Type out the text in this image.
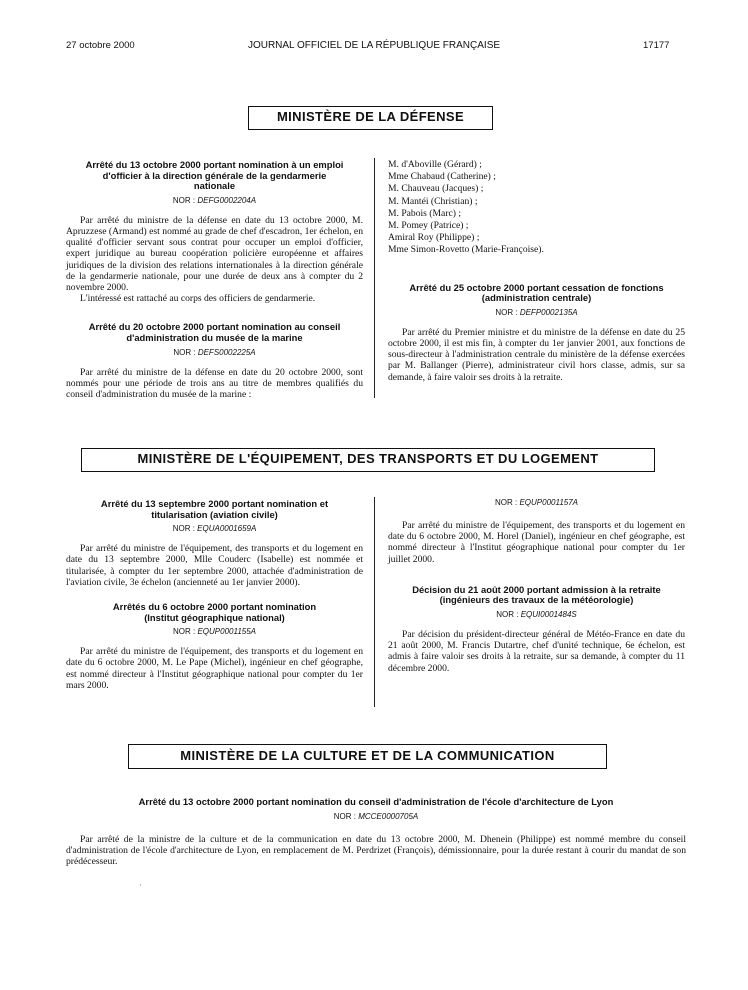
27 octobre 2000	JOURNAL OFFICIEL DE LA RÉPUBLIQUE FRANÇAISE	17177
MINISTÈRE DE LA DÉFENSE
Arrêté du 13 octobre 2000 portant nomination à un emploi d'officier à la direction générale de la gendarmerie nationale
NOR : DEFG0002204A

Par arrêté du ministre de la défense en date du 13 octobre 2000, M. Apruzzese (Armand) est nommé au grade de chef d'escadron, 1er échelon, en qualité d'officier servant sous contrat pour occuper un emploi d'officier, expert juridique au bureau coopération policière européenne et affaires juridiques de la division des relations internationales à la direction générale de la gendarmerie nationale, pour une durée de deux ans à compter du 2 novembre 2000.

L'intéressé est rattaché au corps des officiers de gendarmerie.

Arrêté du 20 octobre 2000 portant nomination au conseil d'administration du musée de la marine
NOR : DEFS0002225A

Par arrêté du ministre de la défense en date du 20 octobre 2000, sont nommés pour une période de trois ans au titre de membres qualifiés du conseil d'administration du musée de la marine :

M. d'Aboville (Gérard) ;
Mme Chabaud (Catherine) ;
M. Chauveau (Jacques) ;
M. Mantéi (Christian) ;
M. Pabois (Marc) ;
M. Pomey (Patrice) ;
Amiral Roy (Philippe) ;
Mme Simon-Rovetto (Marie-Françoise).
Arrêté du 25 octobre 2000 portant cessation de fonctions (administration centrale)
NOR : DEFP0002135A

Par arrêté du Premier ministre et du ministre de la défense en date du 25 octobre 2000, il est mis fin, à compter du 1er janvier 2001, aux fonctions de sous-directeur à l'administration centrale du ministère de la défense exercées par M. Ballanger (Pierre), administrateur civil hors classe, admis, sur sa demande, à faire valoir ses droits à la retraite.

MINISTÈRE DE L'ÉQUIPEMENT, DES TRANSPORTS ET DU LOGEMENT
Arrêté du 13 septembre 2000 portant nomination et titularisation (aviation civile)
NOR : EQUA0001659A

Par arrêté du ministre de l'équipement, des transports et du logement en date du 13 septembre 2000, Mlle Couderc (Isabelle) est nommée et titularisée, à compter du 1er septembre 2000, attachée d'administration de l'aviation civile, 3e échelon (ancienneté au 1er janvier 2000).

Arrêtés du 6 octobre 2000 portant nomination (Institut géographique national)
NOR : EQUP0001155A

Par arrêté du ministre de l'équipement, des transports et du logement en date du 6 octobre 2000, M. Le Pape (Michel), ingénieur en chef géographe, est nommé directeur à l'Institut géographique national pour compter du 1er mars 2000.

NOR : EQUP0001157A

Par arrêté du ministre de l'équipement, des transports et du logement en date du 6 octobre 2000, M. Horel (Daniel), ingénieur en chef géographe, est nommé directeur à l'Institut géographique national pour compter du 1er juillet 2000.

Décision du 21 août 2000 portant admission à la retraite (ingénieurs des travaux de la météorologie)
NOR : EQUI0001484S

Par décision du président-directeur général de Météo-France en date du 21 août 2000, M. Francis Dutartre, chef d'unité technique, 6e échelon, est admis à faire valoir ses droits à la retraite, sur sa demande, à compter du 11 décembre 2000.

MINISTÈRE DE LA CULTURE ET DE LA COMMUNICATION
Arrêté du 13 octobre 2000 portant nomination du conseil d'administration de l'école d'architecture de Lyon
NOR : MCCE0000705A

Par arrêté de la ministre de la culture et de la communication en date du 13 octobre 2000, M. Dhenein (Philippe) est nommé membre du conseil d'administration de l'école d'architecture de Lyon, en remplacement de M. Perdrizet (François), démissionnaire, pour la durée restant à courir du mandat de son prédécesseur.

·
